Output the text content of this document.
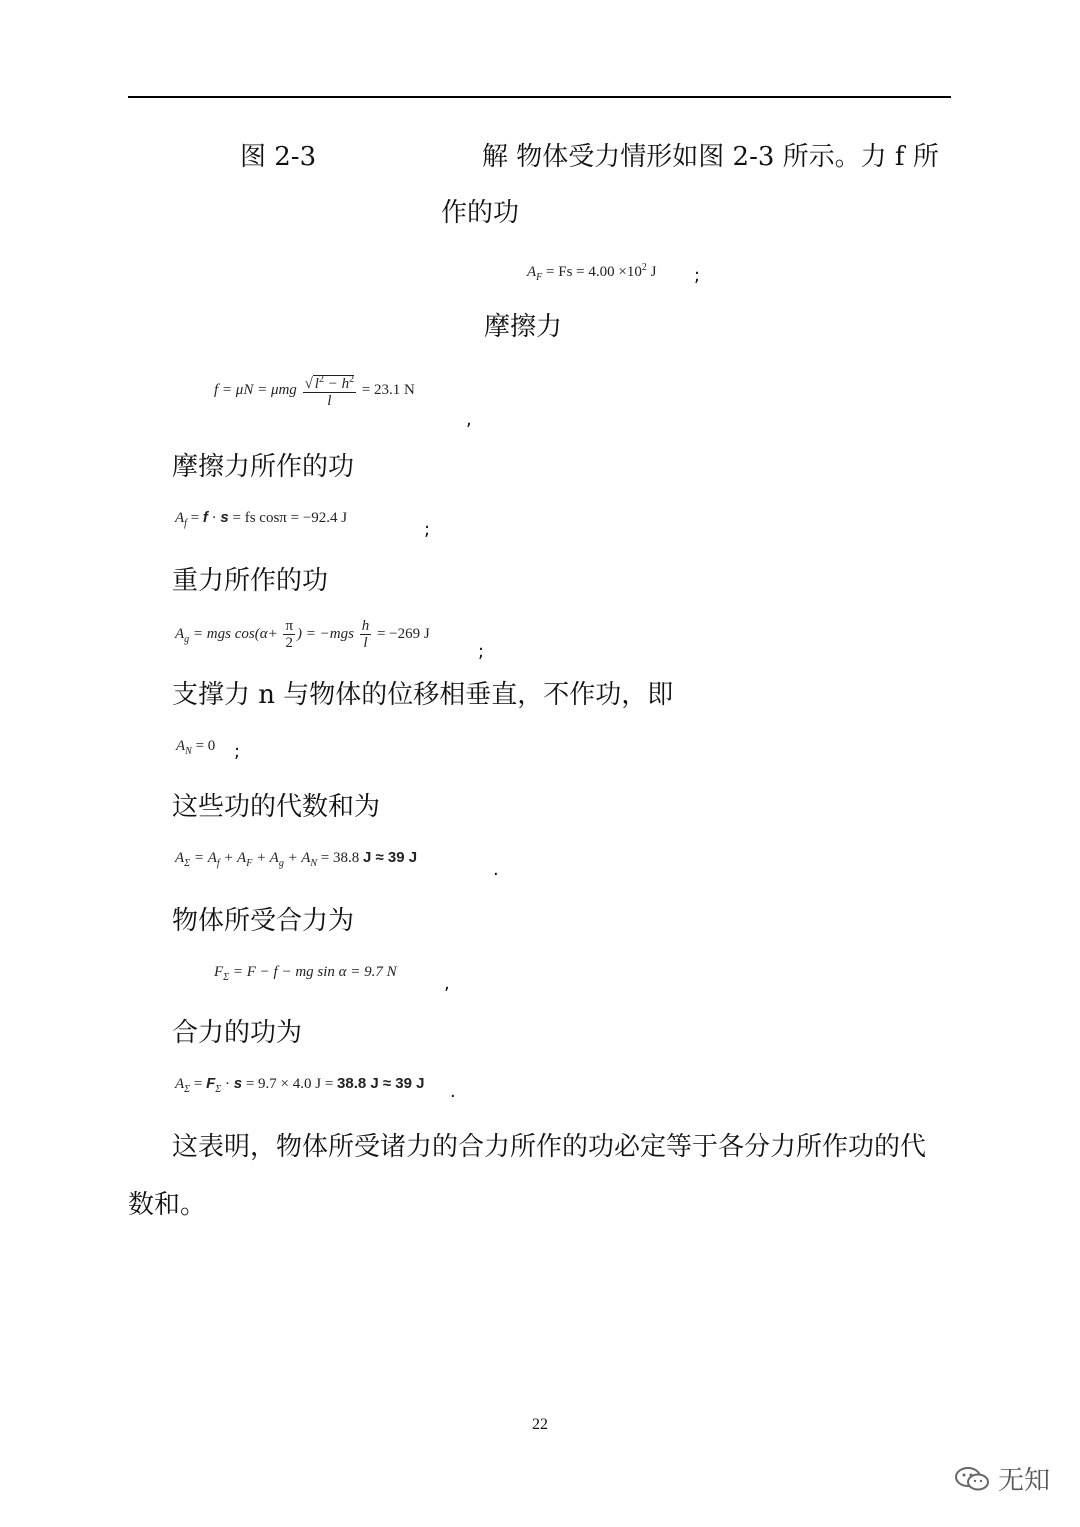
图 2-3	解 物体受力情形如图 2-3 所示。力 f 所
作的功
$A_F = Fs = 4.00 \times 10^2$ J ;
摩擦力
f = μN = μmg $\frac{√ l^2 - h^2}{l} = 23.1$ N
,
摩擦力所作的功
$A_f = f \cdot s$ = fs cosπ = −92.4 J
;
重力所作的功
$A_g$ = mgs $\cos(\alpha+ \frac{\pi}{2}$ ) = $-mgs \frac{h}{l} = -269$ J
;
支撑力 n 与物体的位移相垂直，不作功，即
$A_N = 0$ ;
这些功的代数和为
$A_\Sigma = A_f + A_F + A_g + A_N = 38.8$ J ≈ 39 J
.
物体所受合力为
$F_\Sigma = F - f$ − mg sin α = 9.7 N
,
合力的功为
$A_\Sigma = F_\Sigma \cdot s = 9.7 \times 4.0$ J = 38.8 J ≈ 39 J .
这表明，物体所受诸力的合力所作的功必定等于各分力所作功的代
数和。
22
无知
